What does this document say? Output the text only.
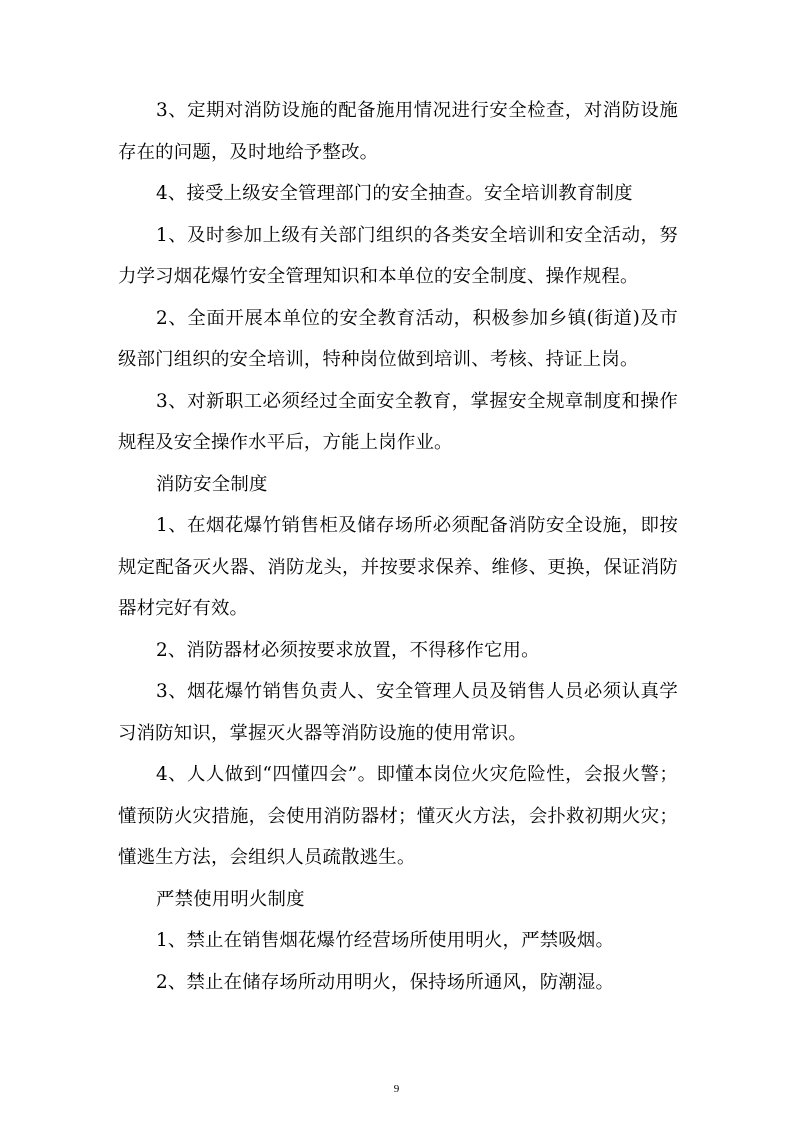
3、定期对消防设施的配备施用情况进行安全检查，对消防设施存在的问题，及时地给予整改。

4、接受上级安全管理部门的安全抽查。安全培训教育制度

1、及时参加上级有关部门组织的各类安全培训和安全活动，努力学习烟花爆竹安全管理知识和本单位的安全制度、操作规程。

2、全面开展本单位的安全教育活动，积极参加乡镇(街道)及市级部门组织的安全培训，特种岗位做到培训、考核、持证上岗。

3、对新职工必须经过全面安全教育，掌握安全规章制度和操作规程及安全操作水平后，方能上岗作业。

消防安全制度

1、在烟花爆竹销售柜及储存场所必须配备消防安全设施，即按规定配备灭火器、消防龙头，并按要求保养、维修、更换，保证消防器材完好有效。

2、消防器材必须按要求放置，不得移作它用。

3、烟花爆竹销售负责人、安全管理人员及销售人员必须认真学习消防知识，掌握灭火器等消防设施的使用常识。

4、人人做到“四懂四会”。即懂本岗位火灾危险性，会报火警；懂预防火灾措施，会使用消防器材；懂灭火方法，会扑救初期火灾；懂逃生方法，会组织人员疏散逃生。

严禁使用明火制度

1、禁止在销售烟花爆竹经营场所使用明火，严禁吸烟。

2、禁止在储存场所动用明火，保持场所通风，防潮湿。

9
